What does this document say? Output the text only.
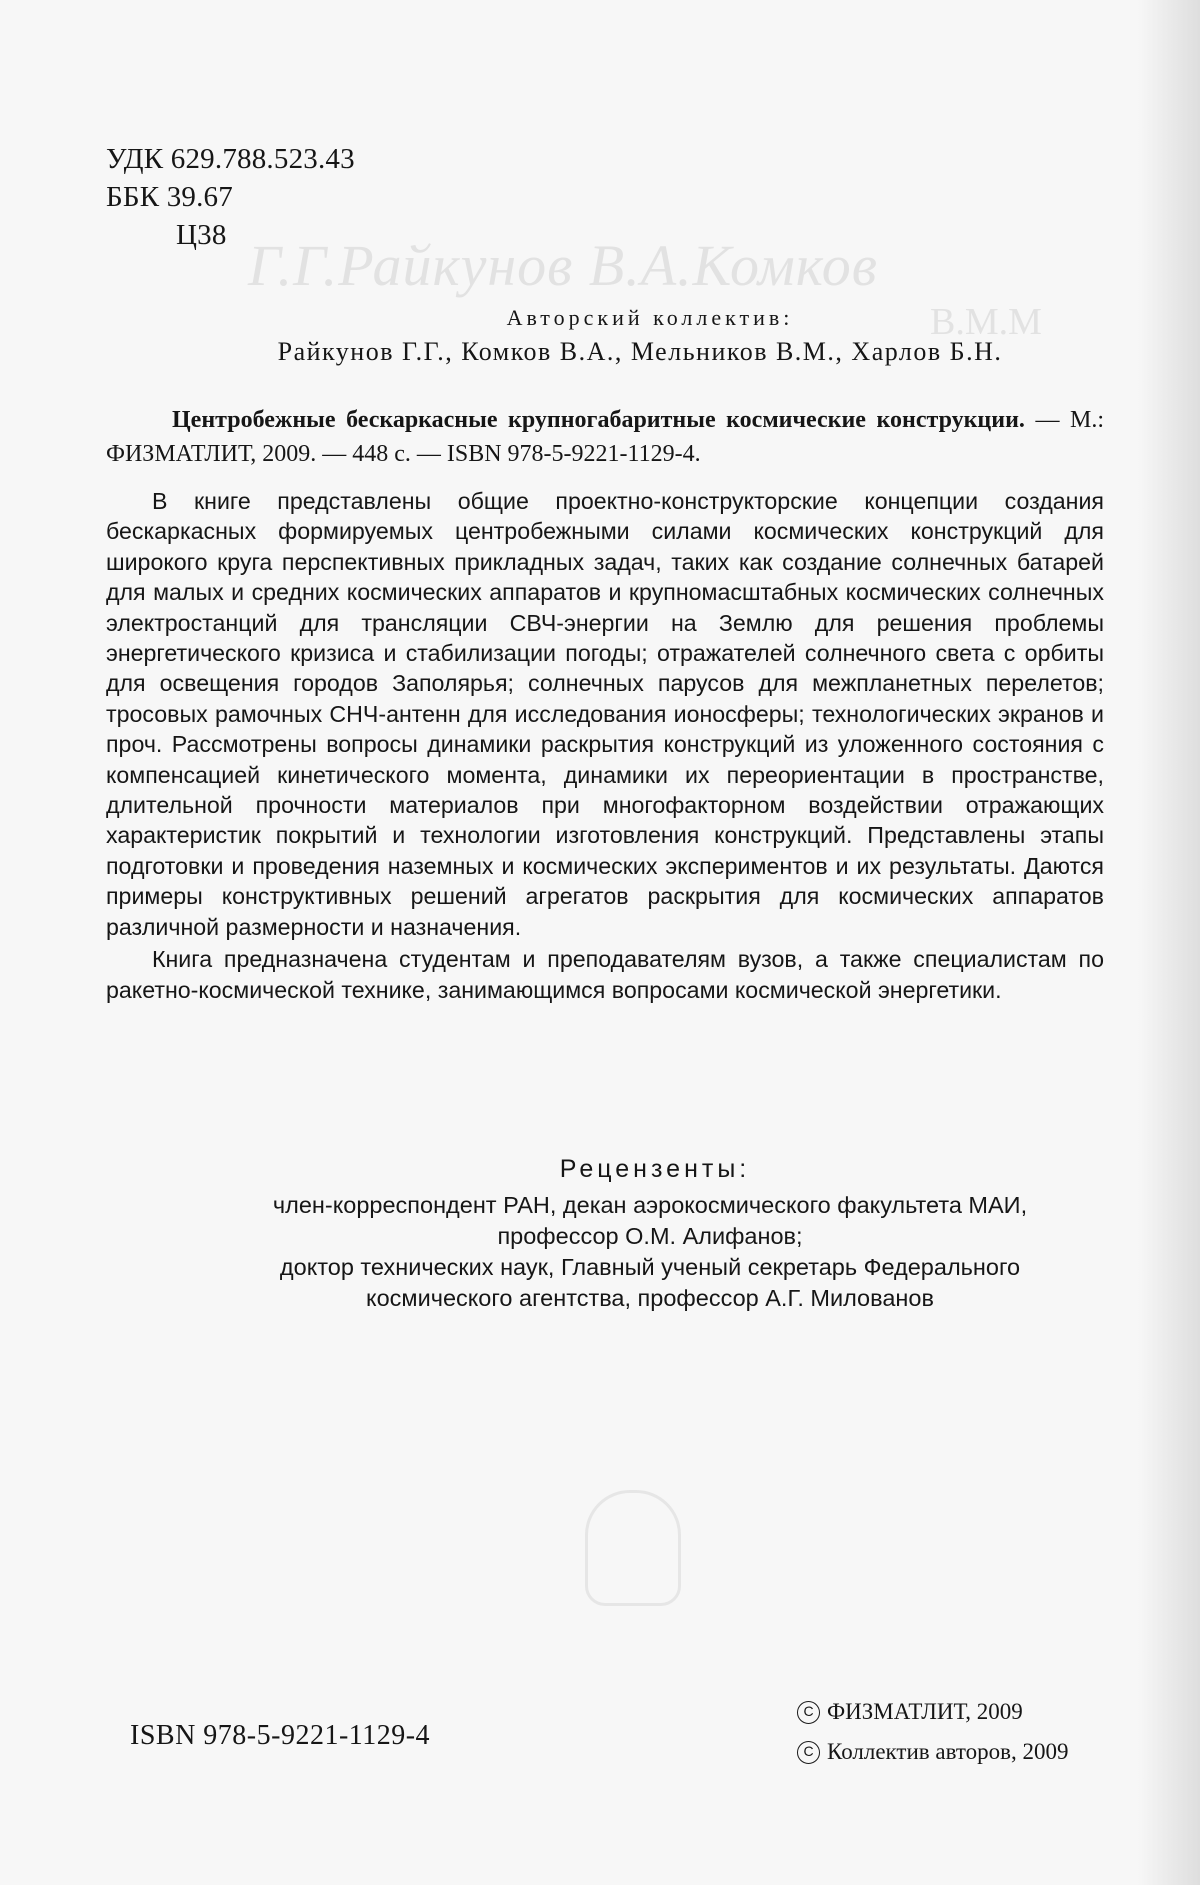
Г.Г.Райкунов В.А.Комков
В.М.М

УДК 629.788.523.43
ББК 39.67
Ц38
Авторский коллектив:
Райкунов Г.Г., Комков В.А., Мельников В.М., Харлов Б.Н.
Центробежные бескаркасные крупногабаритные космические конструкции. — М.: ФИЗМАТЛИТ, 2009. — 448 с. — ISBN 978-5-9221-1129-4.

В книге представлены общие проектно-конструкторские концепции создания бескаркасных формируемых центробежными силами космических конструкций для широкого круга перспективных прикладных задач, таких как создание солнечных батарей для малых и средних космических аппаратов и крупномасштабных космических солнечных электростанций для трансляции СВЧ-энергии на Землю для решения проблемы энергетического кризиса и стабилизации погоды; отражателей солнечного света с орбиты для освещения городов Заполярья; солнечных парусов для межпланетных перелетов; тросовых рамочных СНЧ-антенн для исследования ионосферы; технологических экранов и проч. Рассмотрены вопросы динамики раскрытия конструкций из уложенного состояния с компенсацией кинетического момента, динамики их переориентации в пространстве, длительной прочности материалов при многофакторном воздействии отражающих характеристик покрытий и технологии изготовления конструкций. Представлены этапы подготовки и проведения наземных и космических экспериментов и их результаты. Даются примеры конструктивных решений агрегатов раскрытия для космических аппаратов различной размерности и назначения.

Книга предназначена студентам и преподавателям вузов, а также специалистам по ракетно-космической технике, занимающимся вопросами космической энергетики.

Рецензенты:
член-корреспондент РАН, декан аэрокосмического факультета МАИ,
профессор О.М. Алифанов;
доктор технических наук, Главный ученый секретарь Федерального
космического агентства, профессор А.Г. Милованов
ISBN 978-5-9221-1129-4
C ФИЗМАТЛИТ, 2009
C Коллектив авторов, 2009
